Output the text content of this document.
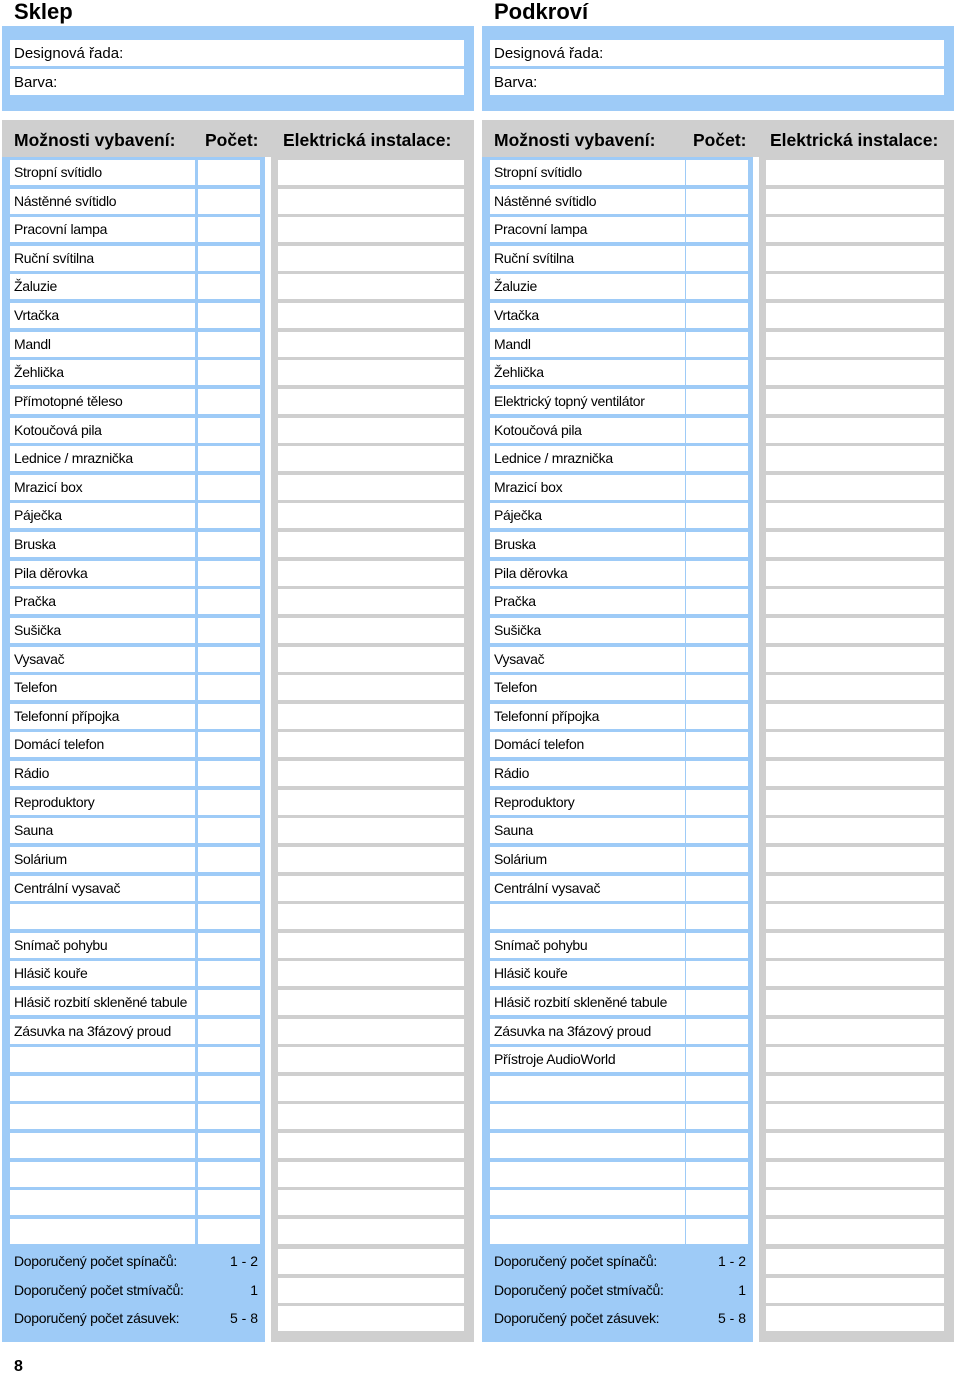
Sklep
Designová řada:
Barva:
Možnosti vybavení: Počet: Elektrická instalace:
Stropní svítidlo
Nástěnné svítidlo
Pracovní lampa
Ruční svítilna
Žaluzie
Vrtačka
Mandl
Žehlička
Přímotopné těleso
Kotoučová pila
Lednice / mraznička
Mrazicí box
Páječka
Bruska
Pila děrovka
Pračka
Sušička
Vysavač
Telefon
Telefonní přípojka
Domácí telefon
Rádio
Reproduktory
Sauna
Solárium
Centrální vysavač
Snímač pohybu
Hlásič kouře
Hlásič rozbití skleněné tabule
Zásuvka na 3fázový proud
Doporučený počet spínačů:	1 - 2
Doporučený počet stmívačů:	1
Doporučený počet zásuvek:	5 - 8
Podkroví
Designová řada:
Barva:
Možnosti vybavení: Počet: Elektrická instalace:
Stropní svítidlo
Nástěnné svítidlo
Pracovní lampa
Ruční svítilna
Žaluzie
Vrtačka
Mandl
Žehlička
Elektrický topný ventilátor
Kotoučová pila
Lednice / mraznička
Mrazicí box
Páječka
Bruska
Pila děrovka
Pračka
Sušička
Vysavač
Telefon
Telefonní přípojka
Domácí telefon
Rádio
Reproduktory
Sauna
Solárium
Centrální vysavač
Snímač pohybu
Hlásič kouře
Hlásič rozbití skleněné tabule
Zásuvka na 3fázový proud
Přístroje AudioWorld
Doporučený počet spínačů:	1 - 2
Doporučený počet stmívačů:	1
Doporučený počet zásuvek:	5 - 8
8
